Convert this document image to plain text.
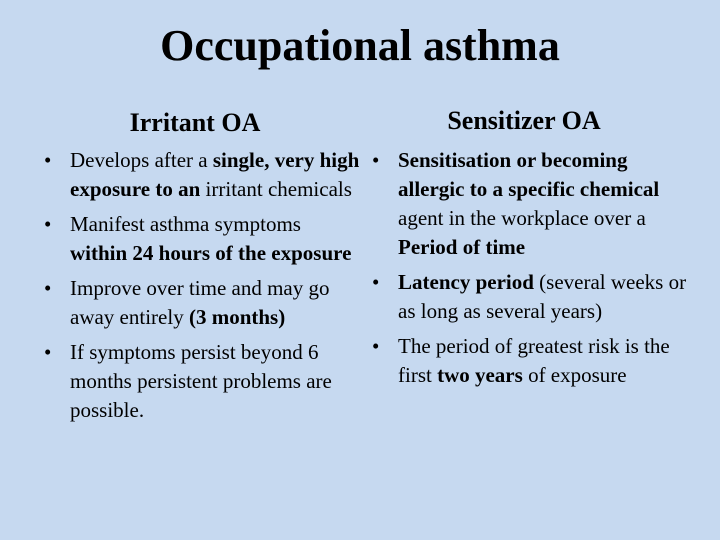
Occupational asthma
Irritant OA	Sensitizer OA
• Develops after a single, very high exposure to an irritant chemicals
• Manifest asthma symptoms within 24 hours of the exposure
• Improve over time and may go away entirely (3 months)
• If symptoms persist beyond 6 months persistent problems are possible.
• Sensitisation or becoming allergic to a specific chemical agent in the workplace over a Period of time
• Latency period (several weeks or as long as several years)
• The period of greatest risk is the first two years of exposure
